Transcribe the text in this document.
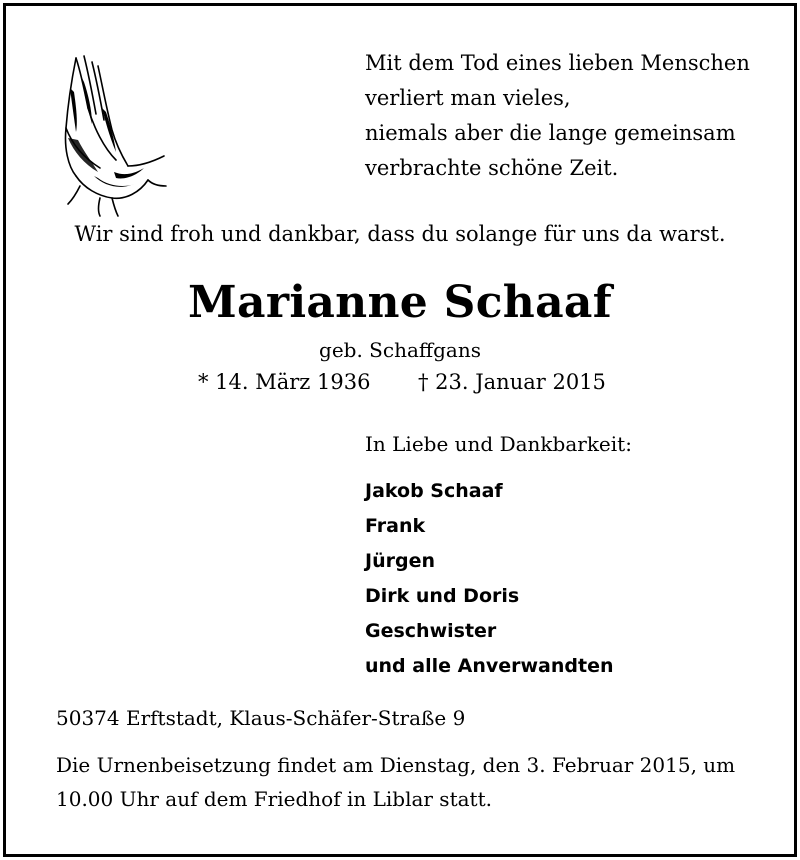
Mit dem Tod eines lieben Menschen
verliert man vieles,
niemals aber die lange gemeinsam
verbrachte schöne Zeit.
Wir sind froh und dankbar, dass du solange für uns da warst.
Marianne Schaaf
geb. Schaffgans
* 14. März 1936 † 23. Januar 2015
In Liebe und Dankbarkeit:
Jakob Schaaf
Frank
Jürgen
Dirk und Doris
Geschwister
und alle Anverwandten
50374 Erftstadt, Klaus-Schäfer-Straße 9
Die Urnenbeisetzung findet am Dienstag, den 3. Februar 2015, um
10.00 Uhr auf dem Friedhof in Liblar statt.
